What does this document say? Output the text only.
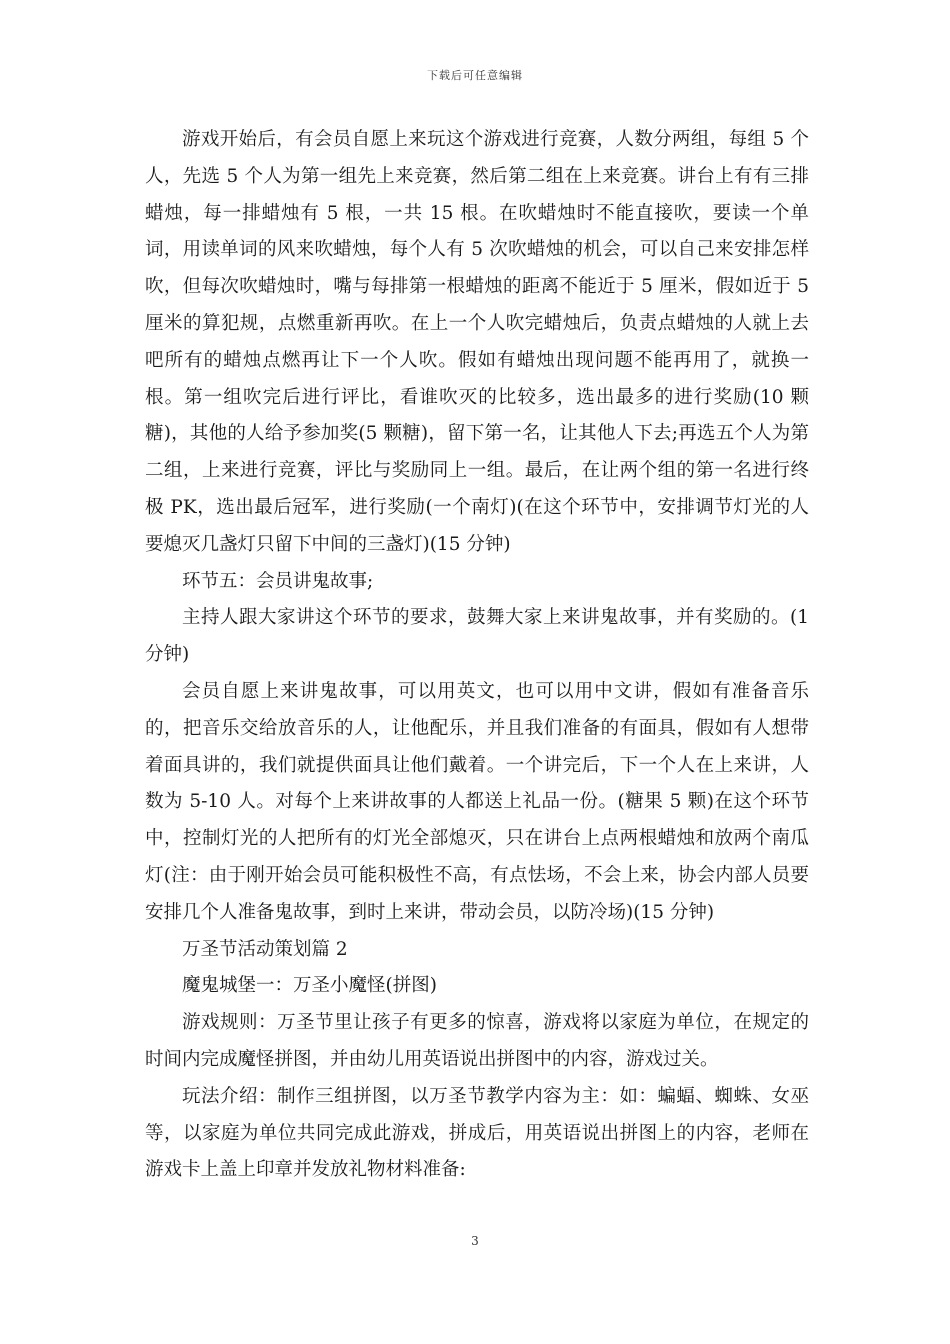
下载后可任意编辑

游戏开始后，有会员自愿上来玩这个游戏进行竞赛，人数分两组，每组 5 个人，先选 5 个人为第一组先上来竞赛，然后第二组在上来竞赛。讲台上有有三排蜡烛，每一排蜡烛有 5 根，一共 15 根。在吹蜡烛时不能直接吹，要读一个单词，用读单词的风来吹蜡烛，每个人有 5 次吹蜡烛的机会，可以自己来安排怎样吹，但每次吹蜡烛时，嘴与每排第一根蜡烛的距离不能近于 5 厘米，假如近于 5 厘米的算犯规，点燃重新再吹。在上一个人吹完蜡烛后，负责点蜡烛的人就上去吧所有的蜡烛点燃再让下一个人吹。假如有蜡烛出现问题不能再用了，就换一根。第一组吹完后进行评比，看谁吹灭的比较多，选出最多的进行奖励(10 颗糖)，其他的人给予参加奖(5 颗糖)，留下第一名，让其他人下去;再选五个人为第二组，上来进行竞赛，评比与奖励同上一组。最后，在让两个组的第一名进行终极 PK，选出最后冠军，进行奖励(一个南灯)(在这个环节中，安排调节灯光的人要熄灭几盏灯只留下中间的三盏灯)(15 分钟)

环节五：会员讲鬼故事;

主持人跟大家讲这个环节的要求，鼓舞大家上来讲鬼故事，并有奖励的。(1 分钟)

会员自愿上来讲鬼故事，可以用英文，也可以用中文讲，假如有准备音乐的，把音乐交给放音乐的人，让他配乐，并且我们准备的有面具，假如有人想带着面具讲的，我们就提供面具让他们戴着。一个讲完后，下一个人在上来讲，人数为 5-10 人。对每个上来讲故事的人都送上礼品一份。(糖果 5 颗)在这个环节中，控制灯光的人把所有的灯光全部熄灭，只在讲台上点两根蜡烛和放两个南瓜灯(注：由于刚开始会员可能积极性不高，有点怯场，不会上来，协会内部人员要安排几个人准备鬼故事，到时上来讲，带动会员，以防冷场)(15 分钟)

万圣节活动策划篇 2

魔鬼城堡一：万圣小魔怪(拼图)

游戏规则：万圣节里让孩子有更多的惊喜，游戏将以家庭为单位，在规定的时间内完成魔怪拼图，并由幼儿用英语说出拼图中的内容，游戏过关。

玩法介绍：制作三组拼图，以万圣节教学内容为主：如：蝙蝠、蜘蛛、女巫等，以家庭为单位共同完成此游戏，拼成后，用英语说出拼图上的内容，老师在游戏卡上盖上印章并发放礼物材料准备:

3
